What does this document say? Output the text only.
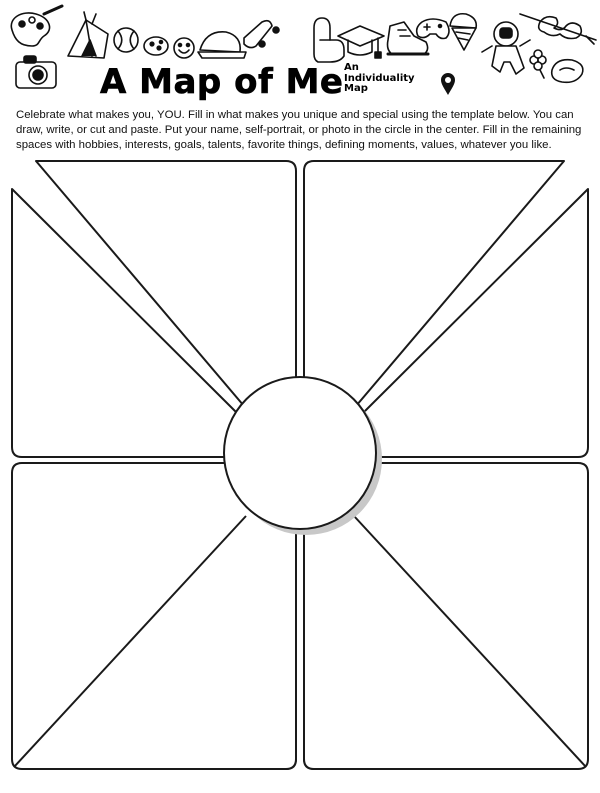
A Map of Me An
Individuality
Map
Celebrate what makes you, YOU. Fill in what makes you unique and special using the template below. You can draw, write, or cut and paste. Put your name, self-portrait, or photo in the circle in the center. Fill in the remaining spaces with hobbies, interests, goals, talents, favorite things, defining moments, values, whatever you like.
